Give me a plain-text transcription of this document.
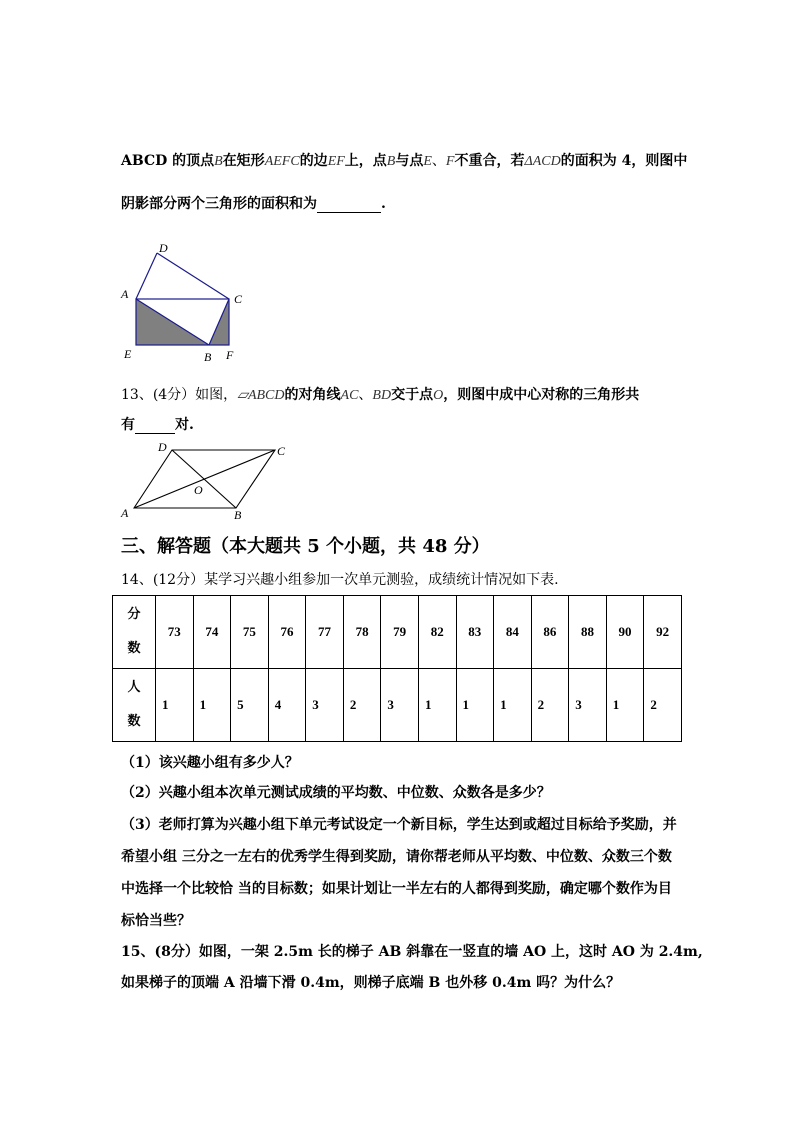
ABCD 的顶点B在矩形AEFC的边EF上，点B与点E、F不重合，若ΔACD的面积为 4，则图中
阴影部分两个三角形的面积和为	.
D
A	C
E	B F
13、(4分）如图，▱ABCD的对角线AC、BD交于点O，则图中成中心对称的三角形共
有	对.
D	C
O
A	B
三、解答题（本大题共 5 个小题，共 48 分）
14、(12分）某学习兴趣小组参加一次单元测验，成绩统计情况如下表.
分
数	73	74	75	76	77	78	79	82	83	84	86	88	90	92
人
数	1	1	5	4	3	2	3	1	1	1	2	3	1	2
（1）该兴趣小组有多少人？
（2）兴趣小组本次单元测试成绩的平均数、中位数、众数各是多少？
（3）老师打算为兴趣小组下单元考试设定一个新目标，学生达到或超过目标给予奖励，并
希望小组 三分之一左右的优秀学生得到奖励，请你帮老师从平均数、中位数、众数三个数
中选择一个比较恰 当的目标数；如果计划让一半左右的人都得到奖励，确定哪个数作为目
标恰当些？
15、(8分）如图，一架 2.5m 长的梯子 AB 斜靠在一竖直的墙 AO 上，这时 AO 为 2.4m,
如果梯子的顶端 A 沿墙下滑 0.4m，则梯子底端 B 也外移 0.4m 吗？为什么？
